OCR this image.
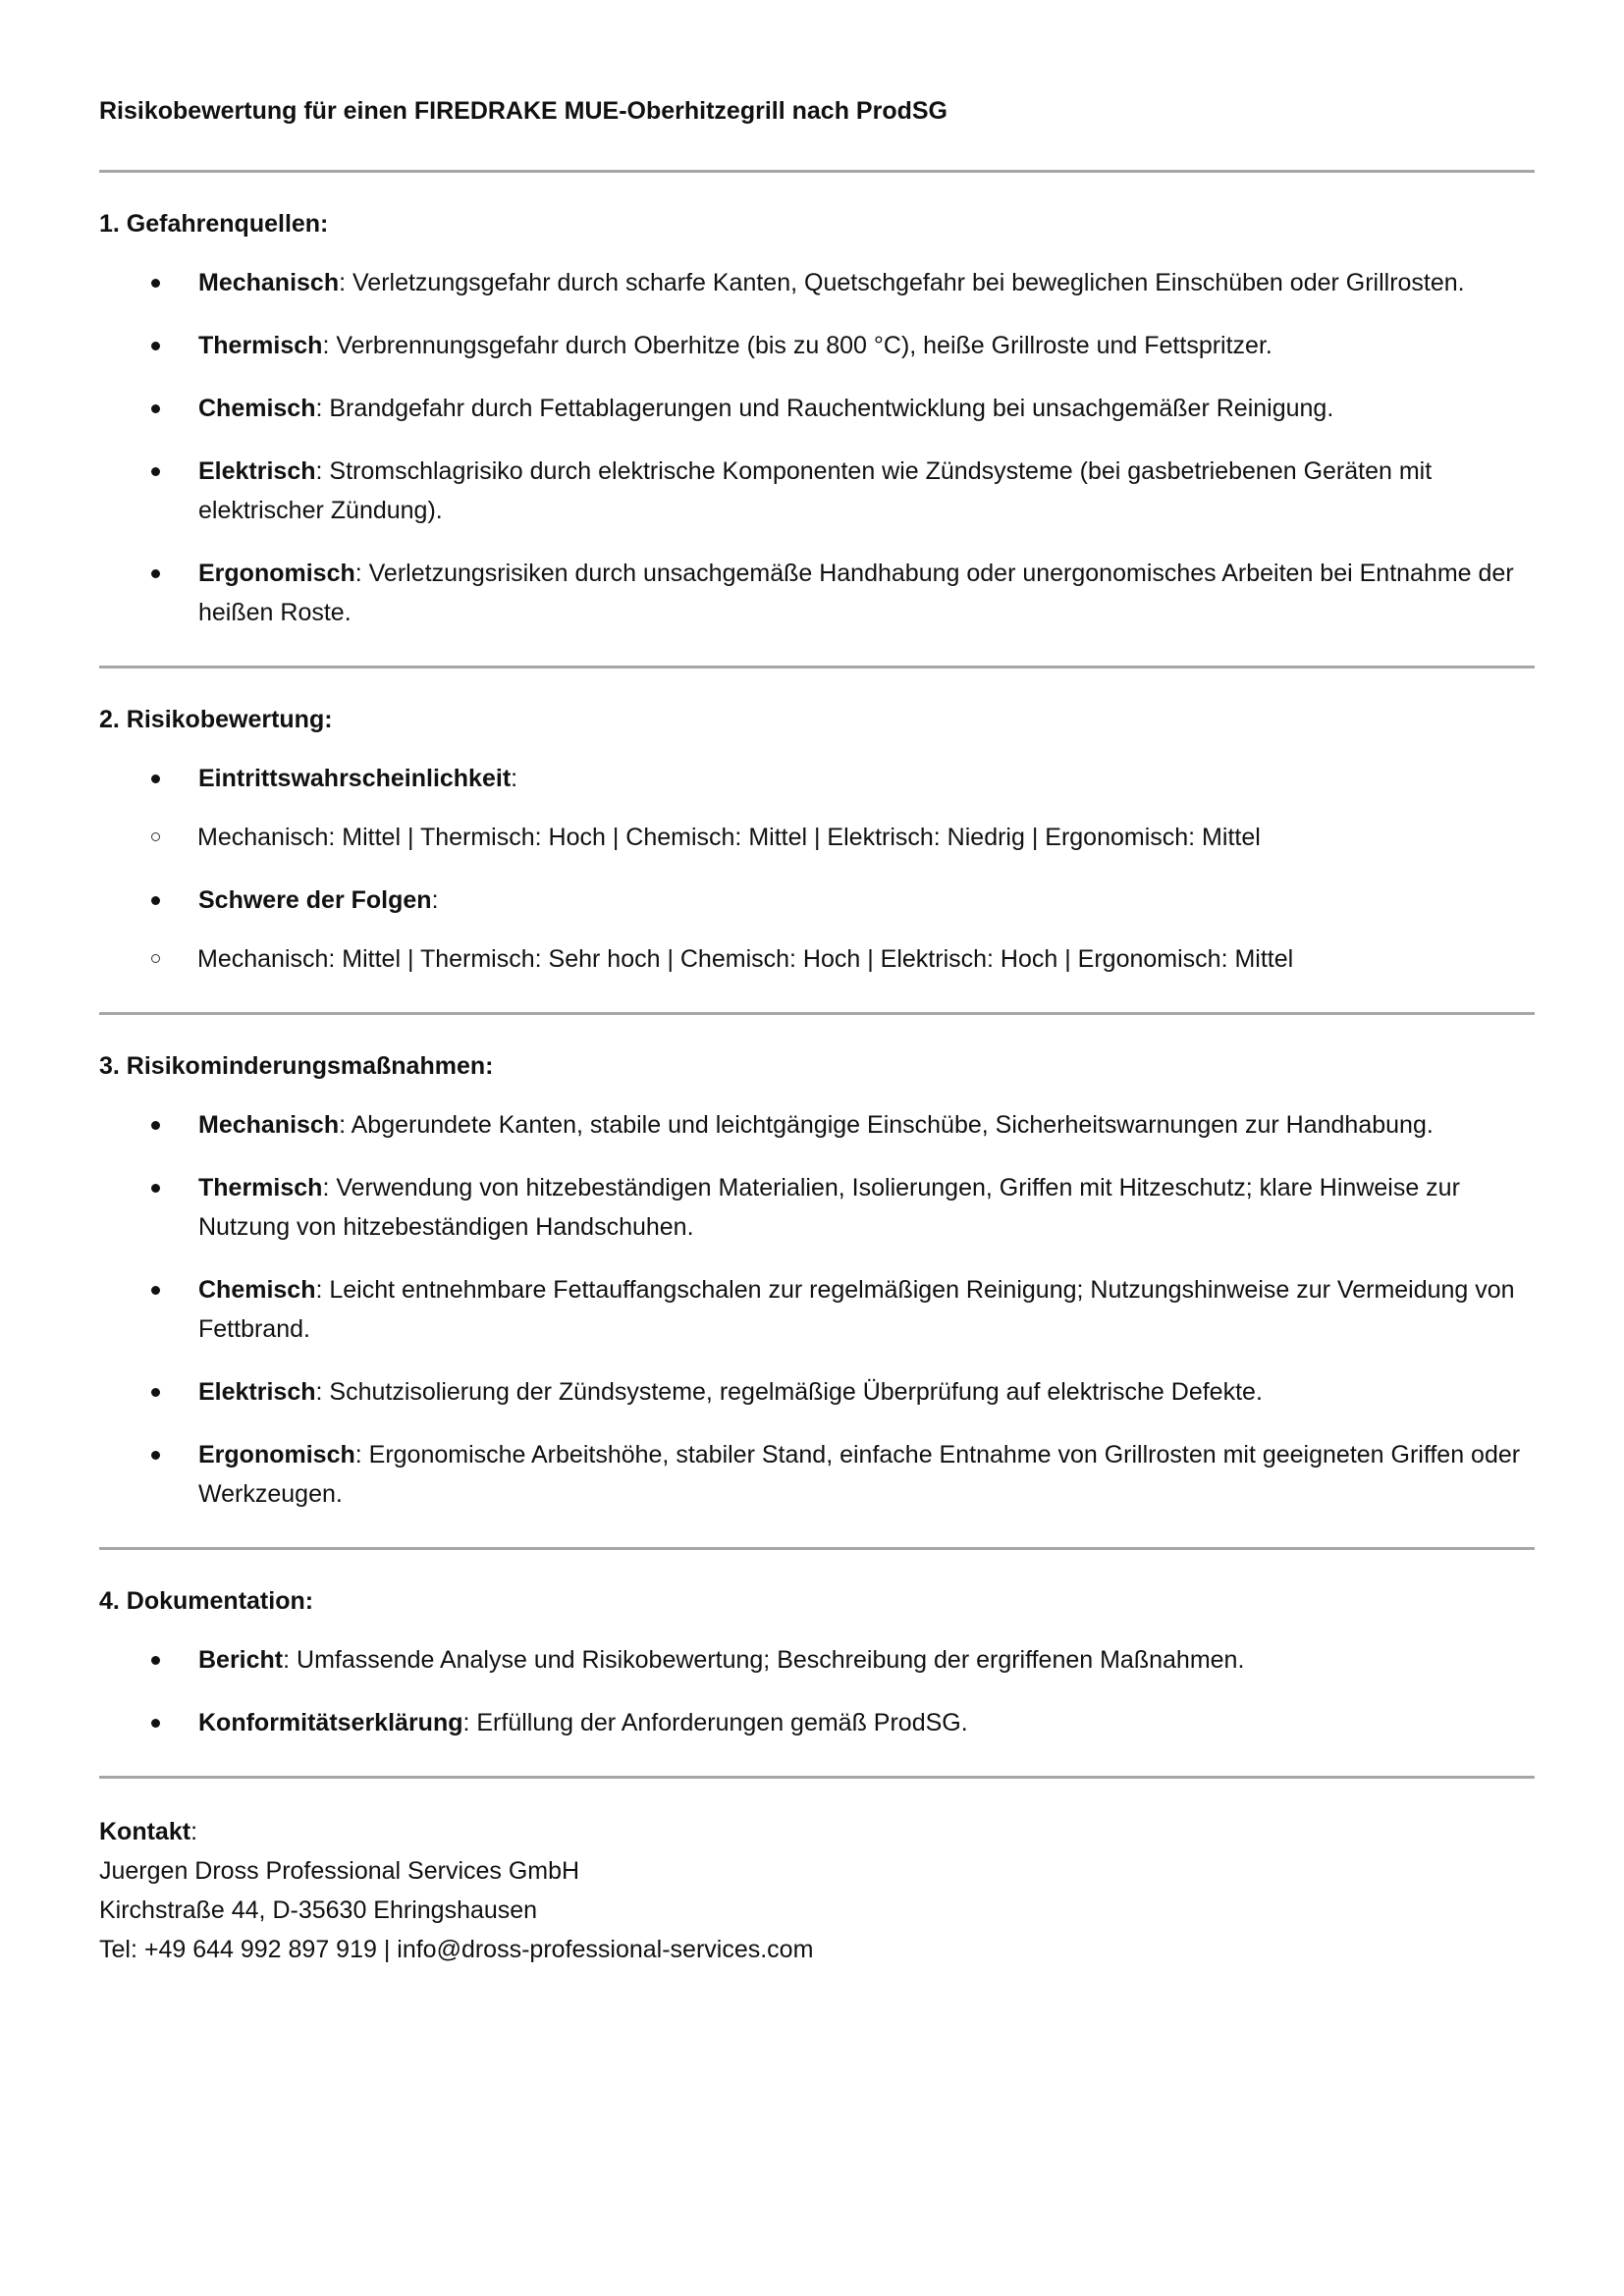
Risikobewertung für einen FIREDRAKE MUE-Oberhitzegrill nach ProdSG

1. Gefahrenquellen:

Mechanisch: Verletzungsgefahr durch scharfe Kanten, Quetschgefahr bei beweglichen Einschüben oder Grillrosten.
Thermisch: Verbrennungsgefahr durch Oberhitze (bis zu 800 °C), heiße Grillroste und Fettspritzer.
Chemisch: Brandgefahr durch Fettablagerungen und Rauchentwicklung bei unsachgemäßer Reinigung.
Elektrisch: Stromschlagrisiko durch elektrische Komponenten wie Zündsysteme (bei gasbetriebenen Geräten mit elektrischer Zündung).
Ergonomisch: Verletzungsrisiken durch unsachgemäße Handhabung oder unergonomisches Arbeiten bei Entnahme der heißen Roste.

2. Risikobewertung:

Eintrittswahrscheinlichkeit:
Mechanisch: Mittel | Thermisch: Hoch | Chemisch: Mittel | Elektrisch: Niedrig | Ergonomisch: Mittel
Schwere der Folgen:
Mechanisch: Mittel | Thermisch: Sehr hoch | Chemisch: Hoch | Elektrisch: Hoch | Ergonomisch: Mittel

3. Risikominderungsmaßnahmen:

Mechanisch: Abgerundete Kanten, stabile und leichtgängige Einschübe, Sicherheitswarnungen zur Handhabung.
Thermisch: Verwendung von hitzebeständigen Materialien, Isolierungen, Griffen mit Hitzeschutz; klare Hinweise zur Nutzung von hitzebeständigen Handschuhen.
Chemisch: Leicht entnehmbare Fettauffangschalen zur regelmäßigen Reinigung; Nutzungshinweise zur Vermeidung von Fettbrand.
Elektrisch: Schutzisolierung der Zündsysteme, regelmäßige Überprüfung auf elektrische Defekte.
Ergonomisch: Ergonomische Arbeitshöhe, stabiler Stand, einfache Entnahme von Grillrosten mit geeigneten Griffen oder Werkzeugen.

4. Dokumentation:

Bericht: Umfassende Analyse und Risikobewertung; Beschreibung der ergriffenen Maßnahmen.
Konformitätserklärung: Erfüllung der Anforderungen gemäß ProdSG.
Kontakt:
Juergen Dross Professional Services GmbH
Kirchstraße 44, D-35630 Ehringshausen
Tel: +49 644 992 897 919 | info@dross-professional-services.com
